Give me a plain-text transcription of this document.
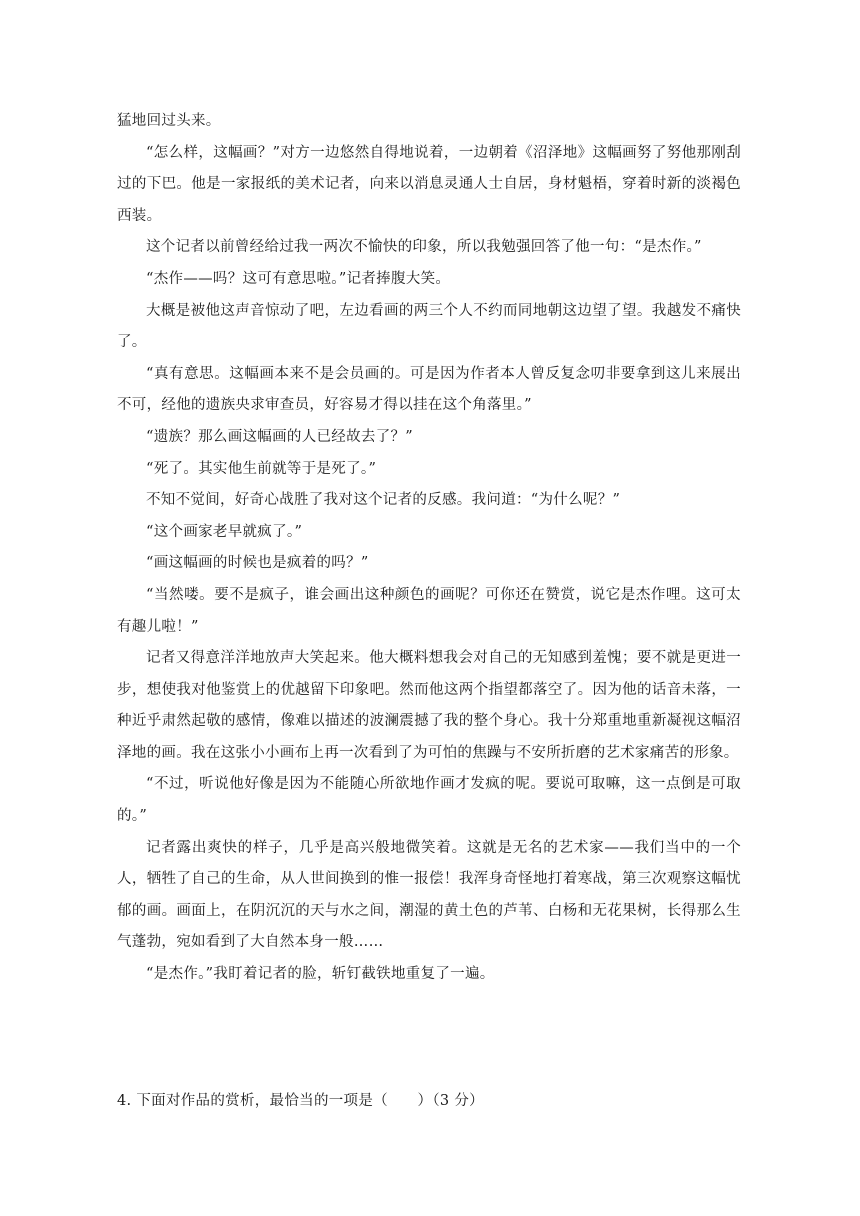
猛地回过头来。

“怎么样，这幅画？”对方一边悠然自得地说着，一边朝着《沼泽地》这幅画努了努他那刚刮过的下巴。他是一家报纸的美术记者，向来以消息灵通人士自居，身材魁梧，穿着时新的淡褐色西装。

这个记者以前曾经给过我一两次不愉快的印象，所以我勉强回答了他一句：“是杰作。”

“杰作——吗？这可有意思啦。”记者捧腹大笑。

大概是被他这声音惊动了吧，左边看画的两三个人不约而同地朝这边望了望。我越发不痛快了。

“真有意思。这幅画本来不是会员画的。可是因为作者本人曾反复念叨非要拿到这儿来展出不可，经他的遗族央求审查员，好容易才得以挂在这个角落里。”

“遗族？那么画这幅画的人已经故去了？”

“死了。其实他生前就等于是死了。”

不知不觉间，好奇心战胜了我对这个记者的反感。我问道：“为什么呢？”

“这个画家老早就疯了。”

“画这幅画的时候也是疯着的吗？”

“当然喽。要不是疯子，谁会画出这种颜色的画呢？可你还在赞赏，说它是杰作哩。这可太有趣儿啦！”

记者又得意洋洋地放声大笑起来。他大概料想我会对自己的无知感到羞愧；要不就是更进一步，想使我对他鉴赏上的优越留下印象吧。然而他这两个指望都落空了。因为他的话音未落，一种近乎肃然起敬的感情，像难以描述的波澜震撼了我的整个身心。我十分郑重地重新凝视这幅沼泽地的画。我在这张小小画布上再一次看到了为可怕的焦躁与不安所折磨的艺术家痛苦的形象。

“不过，听说他好像是因为不能随心所欲地作画才发疯的呢。要说可取嘛，这一点倒是可取的。”

记者露出爽快的样子，几乎是高兴般地微笑着。这就是无名的艺术家——我们当中的一个人，牺牲了自己的生命，从人世间换到的惟一报偿！我浑身奇怪地打着寒战，第三次观察这幅忧郁的画。画面上，在阴沉沉的天与水之间，潮湿的黄土色的芦苇、白杨和无花果树，长得那么生气蓬勃，宛如看到了大自然本身一般……

“是杰作。”我盯着记者的脸，斩钉截铁地重复了一遍。

4. 下面对作品的赏析，最恰当的一项是（　　）（3 分）
